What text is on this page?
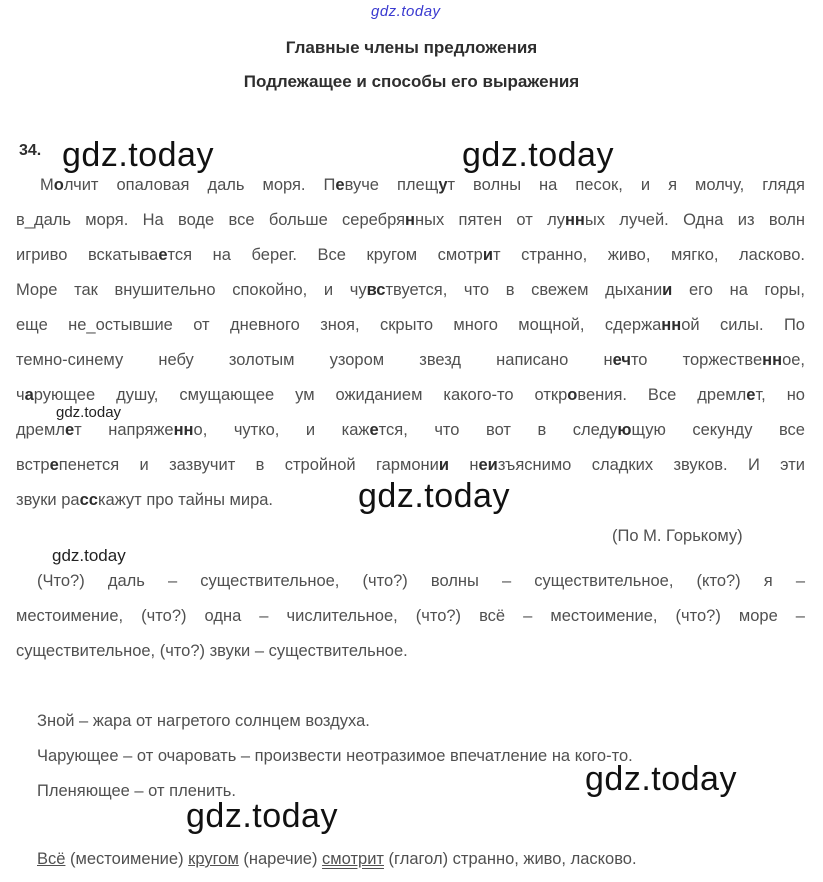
gdz.today
Главные члены предложения
Подлежащее и способы его выражения
34.
Молчит опаловая даль моря. Певуче плещут волны на песок, и я молчу, глядя
в_даль моря. На воде все больше серебрянных пятен от лунных лучей. Одна из волн
игриво вскатывается на берег. Все кругом смотрит странно, живо, мягко, ласково.
Море так внушительно спокойно, и чувствуется, что в свежем дыхании его на горы,
еще не_остывшие от дневного зноя, скрыто много мощной, сдержанной силы. По
темно-синему небу золотым узором звезд написано нечто торжественное,
чарующее душу, смущающее ум ожиданием какого-то откровения. Все дремлет, но
дремлет напряженно, чутко, и кажется, что вот в следующую секунду все
встрепенется и зазвучит в стройной гармонии неизъяснимо сладких звуков. И эти
звуки расскажут про тайны мира.
(По М. Горькому)
(Что?) даль – существительное, (что?) волны – существительное, (кто?) я –
местоимение, (что?) одна – числительное, (что?) всё – местоимение, (что?) море –
существительное, (что?) звуки – существительное.
Зной – жара от нагретого солнцем воздуха.
Чарующее – от очаровать – произвести неотразимое впечатление на кого-то.
Пленяющее – от пленить.
Всё (местоимение) кругом (наречие) смотрит (глагол) странно, живо, ласково.
gdz.today	gdz.today
gdz.today
gdz.today
gdz.today
gdz.today
gdz.today
